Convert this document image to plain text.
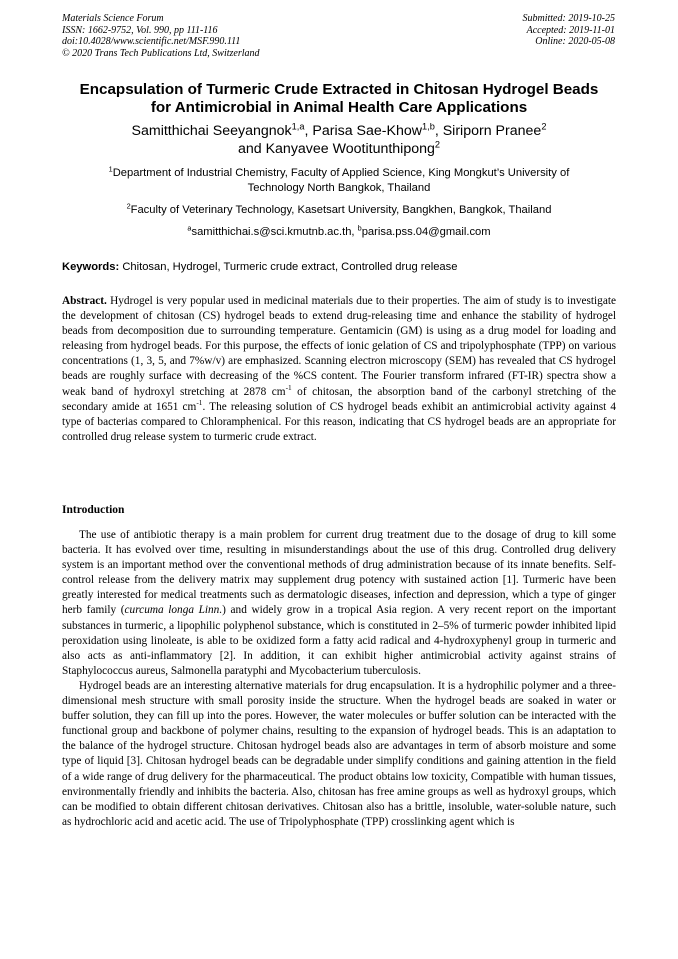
Materials Science Forum
ISSN: 1662-9752, Vol. 990, pp 111-116
doi:10.4028/www.scientific.net/MSF.990.111
© 2020 Trans Tech Publications Ltd, Switzerland
Submitted: 2019-10-25
Accepted: 2019-11-01
Online: 2020-05-08
Encapsulation of Turmeric Crude Extracted in Chitosan Hydrogel Beads
for Antimicrobial in Animal Health Care Applications
Samitthichai Seeyangnok$^{1,a}$, Parisa Sae-Khow$^{1,b}$, Siriporn Pranee$^2$
and Kanyavee Wootitunthipong$^2$
$^1$Department of Industrial Chemistry, Faculty of Applied Science, King Mongkut’s University of
Technology North Bangkok, Thailand
$^2$Faculty of Veterinary Technology, Kasetsart University, Bangkhen, Bangkok, Thailand
$^a$samitthichai.s@sci.kmutnb.ac.th, $^b$parisa.pss.04@gmail.com
Keywords: Chitosan, Hydrogel, Turmeric crude extract, Controlled drug release
Abstract. Hydrogel is very popular used in medicinal materials due to their properties. The aim of study is to investigate the development of chitosan (CS) hydrogel beads to extend drug-releasing time and enhance the stability of hydrogel beads from decomposition due to surrounding temperature. Gentamicin (GM) is using as a drug model for loading and releasing from hydrogel beads. For this purpose, the effects of ionic gelation of CS and tripolyphosphate (TPP) on various concentrations (1, 3, 5, and 7%w/v) are emphasized. Scanning electron microscopy (SEM) has revealed that CS hydrogel beads are roughly surface with decreasing of the %CS content. The Fourier transform infrared (FT-IR) spectra show a weak band of hydroxyl stretching at 2878 $cm^{-1}$ of chitosan, the absorption band of the carbonyl stretching of the secondary amide at 1651 $cm^{-1}$. The releasing solution of CS hydrogel beads exhibit an antimicrobial activity against 4 type of bacterias compared to Chloramphenical. For this reason, indicating that CS hydrogel beads are an appropriate for controlled drug release system to turmeric crude extract.
Introduction

The use of antibiotic therapy is a main problem for current drug treatment due to the dosage of drug to kill some bacteria. It has evolved over time, resulting in misunderstandings about the use of this drug. Controlled drug delivery system is an important method over the conventional methods of drug administration because of its innate benefits. Self-control release from the delivery matrix may supplement drug potency with sustained action [1]. Turmeric have been greatly interested for medical treatments such as dermatologic diseases, infection and depression, which a type of ginger herb family (curcuma longa Linn.) and widely grow in a tropical Asia region. A very recent report on the important substances in turmeric, a lipophilic polyphenol substance, which is constituted in 2–5% of turmeric powder inhibited lipid peroxidation using linoleate, is able to be oxidized form a fatty acid radical and 4-hydroxyphenyl group in turmeric and also acts as anti-inflammatory [2]. In addition, it can exhibit higher antimicrobial activity against strains of Staphylococcus aureus, Salmonella paratyphi and Mycobacterium tuberculosis.

Hydrogel beads are an interesting alternative materials for drug encapsulation. It is a hydrophilic polymer and a three-dimensional mesh structure with small porosity inside the structure. When the hydrogel beads are soaked in water or buffer solution, they can fill up into the pores. However, the water molecules or buffer solution can be interacted with the functional group and backbone of polymer chains, resulting to the expansion of hydrogel beads. This is an adaptation to the balance of the hydrogel structure. Chitosan hydrogel beads also are advantages in term of absorb moisture and some type of liquid [3]. Chitosan hydrogel beads can be degradable under simplify conditions and gaining attention in the field of a wide range of drug delivery for the pharmaceutical. The product obtains low toxicity, Compatible with human tissues, environmentally friendly and inhibits the bacteria. Also, chitosan has free amine groups as well as hydroxyl groups, which can be modified to obtain different chitosan derivatives. Chitosan also has a brittle, insoluble, water-soluble nature, such as hydrochloric acid and acetic acid. The use of Tripolyphosphate (TPP) crosslinking agent which is
